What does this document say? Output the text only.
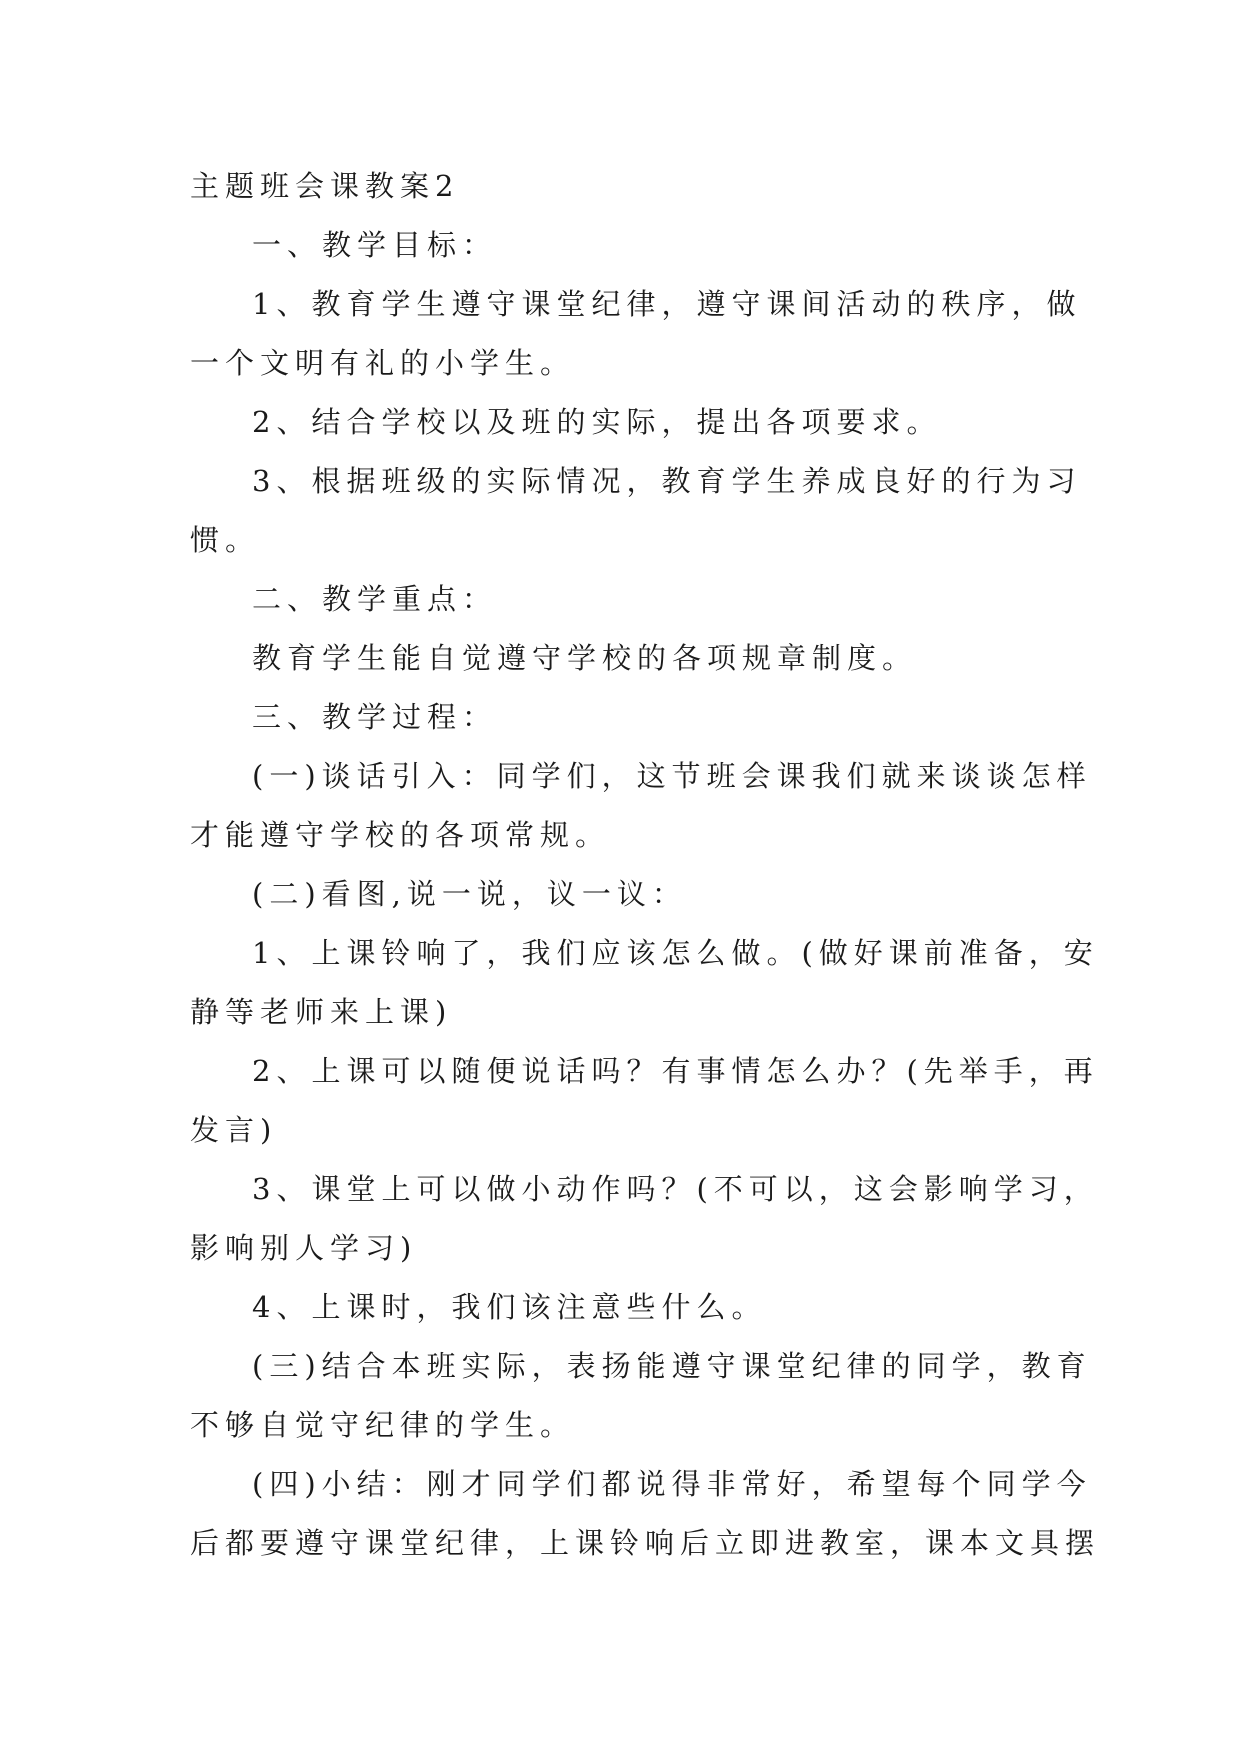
主题班会课教案2
一、教学目标：
1、教育学生遵守课堂纪律，遵守课间活动的秩序，做
一个文明有礼的小学生。
2、结合学校以及班的实际，提出各项要求。
3、根据班级的实际情况，教育学生养成良好的行为习
惯。
二、教学重点：
教育学生能自觉遵守学校的各项规章制度。
三、教学过程：
(一)谈话引入：同学们，这节班会课我们就来谈谈怎样
才能遵守学校的各项常规。
(二)看图,说一说，议一议：
1、上课铃响了，我们应该怎么做。(做好课前准备，安
静等老师来上课)
2、上课可以随便说话吗？有事情怎么办？(先举手，再
发言)
3、课堂上可以做小动作吗？(不可以，这会影响学习，
影响别人学习)
4、上课时，我们该注意些什么。
(三)结合本班实际，表扬能遵守课堂纪律的同学，教育
不够自觉守纪律的学生。
(四)小结：刚才同学们都说得非常好，希望每个同学今
后都要遵守课堂纪律，上课铃响后立即进教室，课本文具摆
